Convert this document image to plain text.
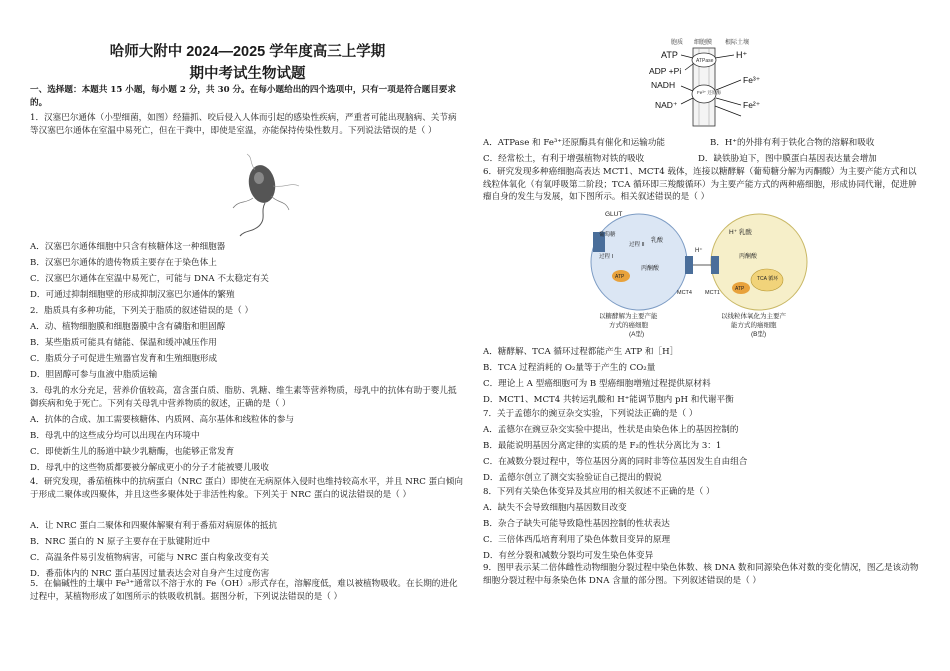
哈师大附中 2024—2025 学年度高三上学期
期中考试生物试题
一、选择题：本题共 15 小题，每小题 2 分，共 30 分。在每小题给出的四个选项中，只有一项是符合题目要求的。
1．汉塞巴尔通体（小型细菌，如图）经猫抓、咬后侵入人体而引起的感染性疾病，严重者可能出现脑病、关节病等汉塞巴尔通体在室温中易死亡，但在干粪中，即使是室温，亦能保持传染性数月。下列说法错误的是（ ）
A．汉塞巴尔通体细胞中只含有核糖体这一种细胞器
B．汉塞巴尔通体的遗传物质主要存在于染色体上
C．汉塞巴尔通体在室温中易死亡，可能与 DNA 不太稳定有关
D．可通过抑制细胞壁的形成抑制汉塞巴尔通体的繁殖
2．脂质具有多种功能，下列关于脂质的叙述错误的是（ ）
A．动、植物细胞膜和细胞器膜中含有磷脂和胆固醇
B．某些脂质可能具有储能、保温和缓冲减压作用
C．脂质分子可促进生殖器官发育和生殖细胞形成
D．胆固醇可参与血液中脂质运输
3．母乳的水分充足，营养价值较高，富含蛋白质、脂肪、乳糖、维生素等营养物质，母乳中的抗体有助于婴儿抵御疾病和免于死亡。下列有关母乳中营养物质的叙述，正确的是（ ）
A．抗体的合成、加工需要核糖体、内质网、高尔基体和线粒体的参与
B．母乳中的这些成分均可以出现在内环境中
C．即使新生儿的肠道中缺少乳糖酶，也能够正常发育
D．母乳中的这些物质都要被分解成更小的分子才能被婴儿吸收
4．研究发现，番茄植株中的抗病蛋白（NRC 蛋白）即使在无病原体入侵时也维持较高水平，并且 NRC 蛋白倾向于形成二聚体或四聚体，并且这些多聚体处于非活性构象。下列关于 NRC 蛋白的说法错误的是（ ）
A．让 NRC 蛋白二聚体和四聚体解聚有利于番茄对病原体的抵抗
B．NRC 蛋白的 N 原子主要存在于肽键附近中
C．高温条件易引发植物病害，可能与 NRC 蛋白构象改变有关
D．番茄体内的 NRC 蛋白基因过量表达会对自身产生过度伤害
5．在偏碱性的土壤中 Fe³⁺通常以不溶于水的 Fe（OH）₃形式存在，溶解度低，难以被植物吸收。在长期的进化过程中，某植物形成了如图所示的铁吸收机制。据图分析，下列说法错误的是（ ）
胞质 细胞膜 根际土壤
ATPase
Fe³⁺ 还原酶
ATP	H⁺
ADP +Pi
NADH	Fe³⁺
NAD⁺	Fe²⁺
A．ATPase 和 Fe³⁺还原酶具有催化和运输功能	B．H⁺的外排有利于铁化合物的溶解和吸收
C．经常松土，有利于增强植物对铁的吸收	D．缺铁胁迫下，图中膜蛋白基因表达量会增加
6．研究发现多种癌细胞高表达 MCT1、MCT4 载体，连接以糖酵解（葡萄糖分解为丙酮酸）为主要产能方式和以线粒体氧化（有氧呼吸第二阶段；TCA 循环即三羧酸循环）为主要产能方式的两种癌细胞，形成协同代谢，促进肿瘤自身的发生与发展，如下图所示。相关叙述错误的是（ ）
GLUT
葡萄糖
过程 I
过程 II
乳酸
丙酮酸
ATP
MCT4 MCT1
H⁺ 乳酸
丙酮酸
TCA 循环
ATP
H⁺
以糖酵解为主要产能
方式的癌细胞
(A型)
以线粒体氧化为主要产
能方式的癌细胞
(B型)
A．糖酵解、TCA 循环过程都能产生 ATP 和［H］
B．TCA 过程消耗的 O₂量等于产生的 CO₂量
C．理论上 A 型癌细胞可为 B 型癌细胞增殖过程提供原材料
D．MCT1、MCT4 共转运乳酸和 H⁺能调节胞内 pH 和代谢平衡
7．关于孟德尔的豌豆杂交实验，下列说法正确的是（ ）
A．孟德尔在豌豆杂交实验中提出，性状是由染色体上的基因控制的
B．最能说明基因分离定律的实质的是 F₂的性状分离比为 3：1
C．在减数分裂过程中，等位基因分离的同时非等位基因发生自由组合
D．孟德尔创立了测交实验验证自己提出的假说
8．下列有关染色体变异及其应用的相关叙述不正确的是（ ）
A．缺失不会导致细胞内基因数目改变
B．杂合子缺失可能导致隐性基因控制的性状表达
C．三倍体西瓜培育利用了染色体数目变异的原理
D．有丝分裂和减数分裂均可发生染色体变异
9．图甲表示某二倍体雌性动物细胞分裂过程中染色体数、核 DNA 数和同源染色体对数的变化情况，图乙是该动物细胞分裂过程中每条染色体 DNA 含量的部分图。下列叙述错误的是（ ）
